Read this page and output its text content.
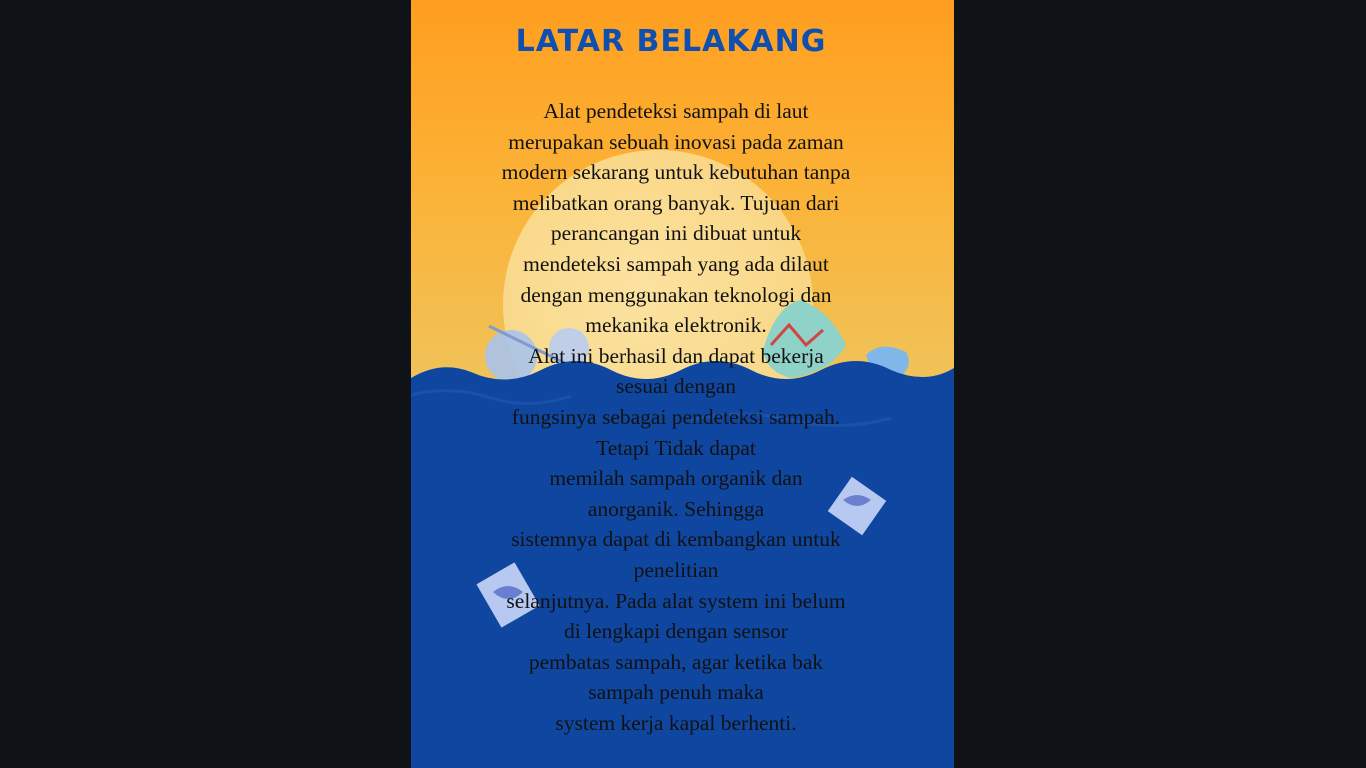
LATAR BELAKANG
Alat pendeteksi sampah di laut
merupakan sebuah inovasi pada zaman
modern sekarang untuk kebutuhan tanpa
melibatkan orang banyak. Tujuan dari
perancangan ini dibuat untuk
mendeteksi sampah yang ada dilaut
dengan menggunakan teknologi dan
mekanika elektronik.
Alat ini berhasil dan dapat bekerja
sesuai dengan
fungsinya sebagai pendeteksi sampah.
Tetapi Tidak dapat
memilah sampah organik dan
anorganik. Sehingga
sistemnya dapat di kembangkan untuk
penelitian
selanjutnya. Pada alat system ini belum
di lengkapi dengan sensor
pembatas sampah, agar ketika bak
sampah penuh maka
system kerja kapal berhenti.
